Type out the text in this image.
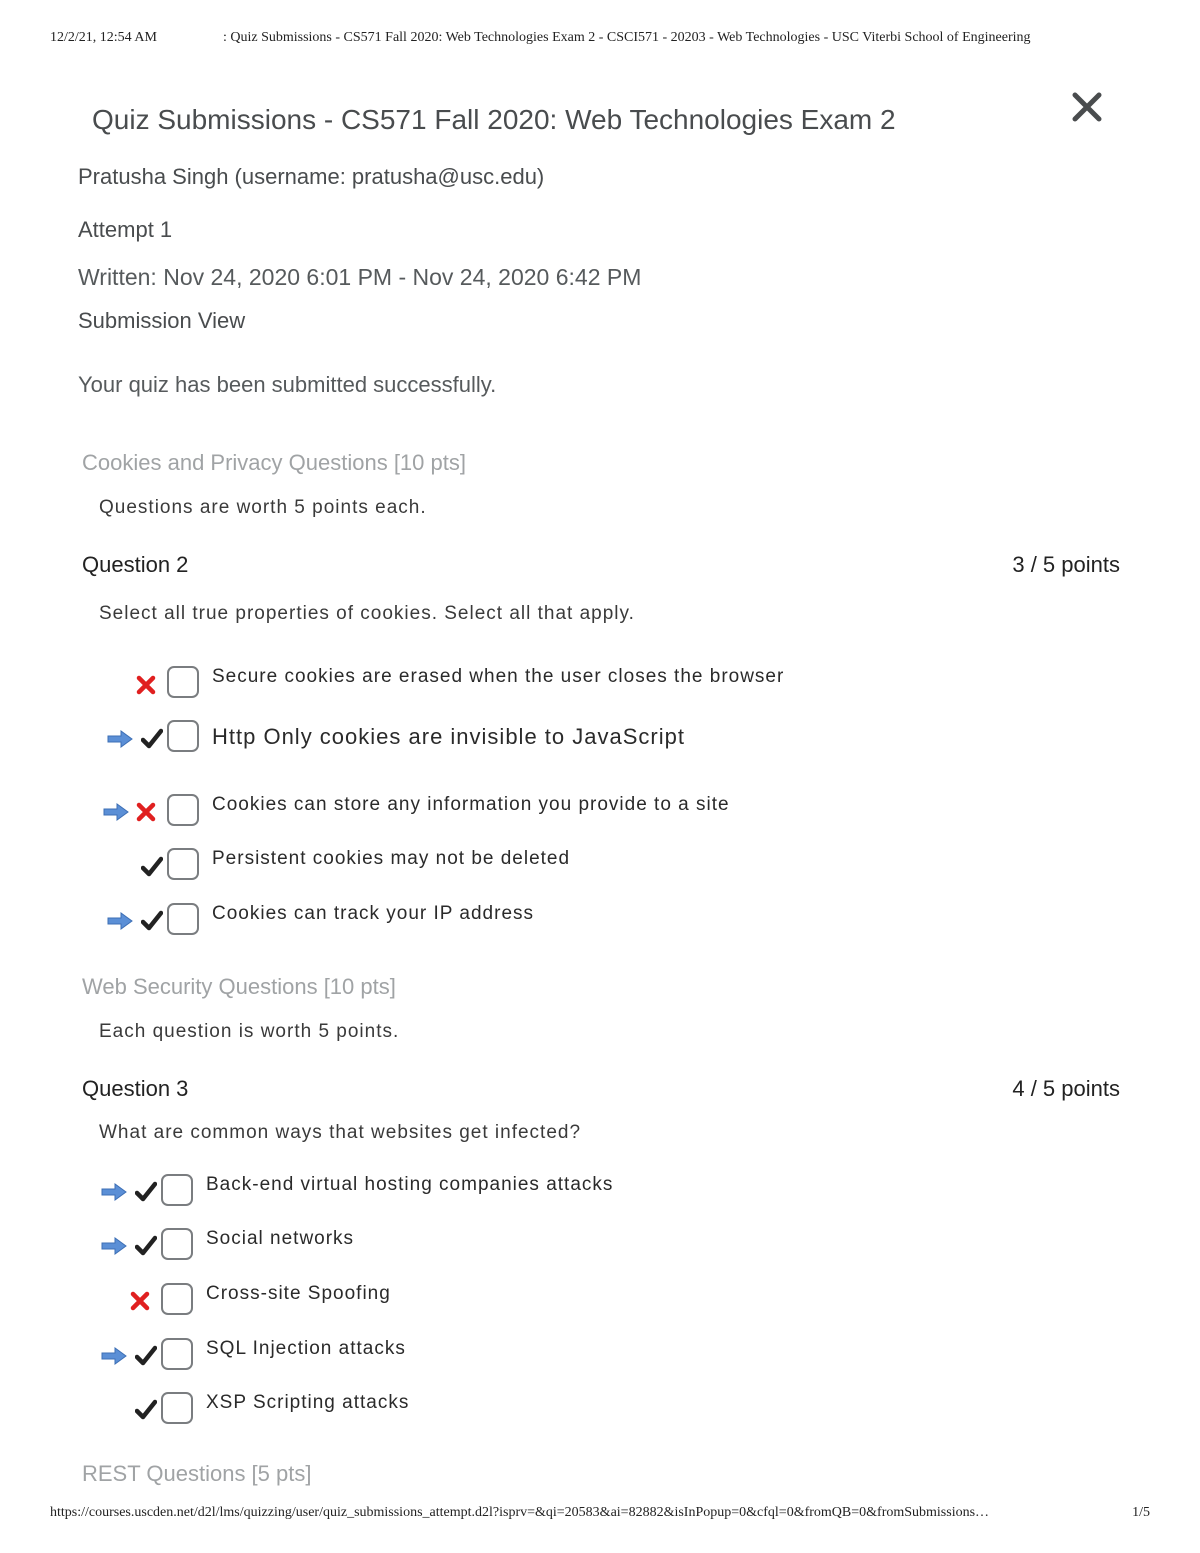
12/2/21, 12:54 AM	: Quiz Submissions - CS571 Fall 2020: Web Technologies Exam 2 - CSCI571 - 20203 - Web Technologies - USC Viterbi School of Engineering
Quiz Submissions - CS571 Fall 2020: Web Technologies Exam 2
Pratusha Singh (username: pratusha@usc.edu)
Attempt 1
Written: Nov 24, 2020 6:01 PM - Nov 24, 2020 6:42 PM
Submission View
Your quiz has been submitted successfully.
Cookies and Privacy Questions [10 pts]
Questions are worth 5 points each.
Question 2	3 / 5 points
Select all true properties of cookies. Select all that apply.
Secure cookies are erased when the user closes the browser
Http Only cookies are invisible to JavaScript
Cookies can store any information you provide to a site
Persistent cookies may not be deleted
Cookies can track your IP address
Web Security Questions [10 pts]
Each question is worth 5 points.
Question 3	4 / 5 points
What are common ways that websites get infected?
Back-end virtual hosting companies attacks
Social networks
Cross-site Spoofing
SQL Injection attacks
XSP Scripting attacks
REST Questions [5 pts]
https://courses.uscden.net/d2l/lms/quizzing/user/quiz_submissions_attempt.d2l?isprv=&qi=20583&ai=82882&isInPopup=0&cfql=0&fromQB=0&fromSubmissions…	1/5
